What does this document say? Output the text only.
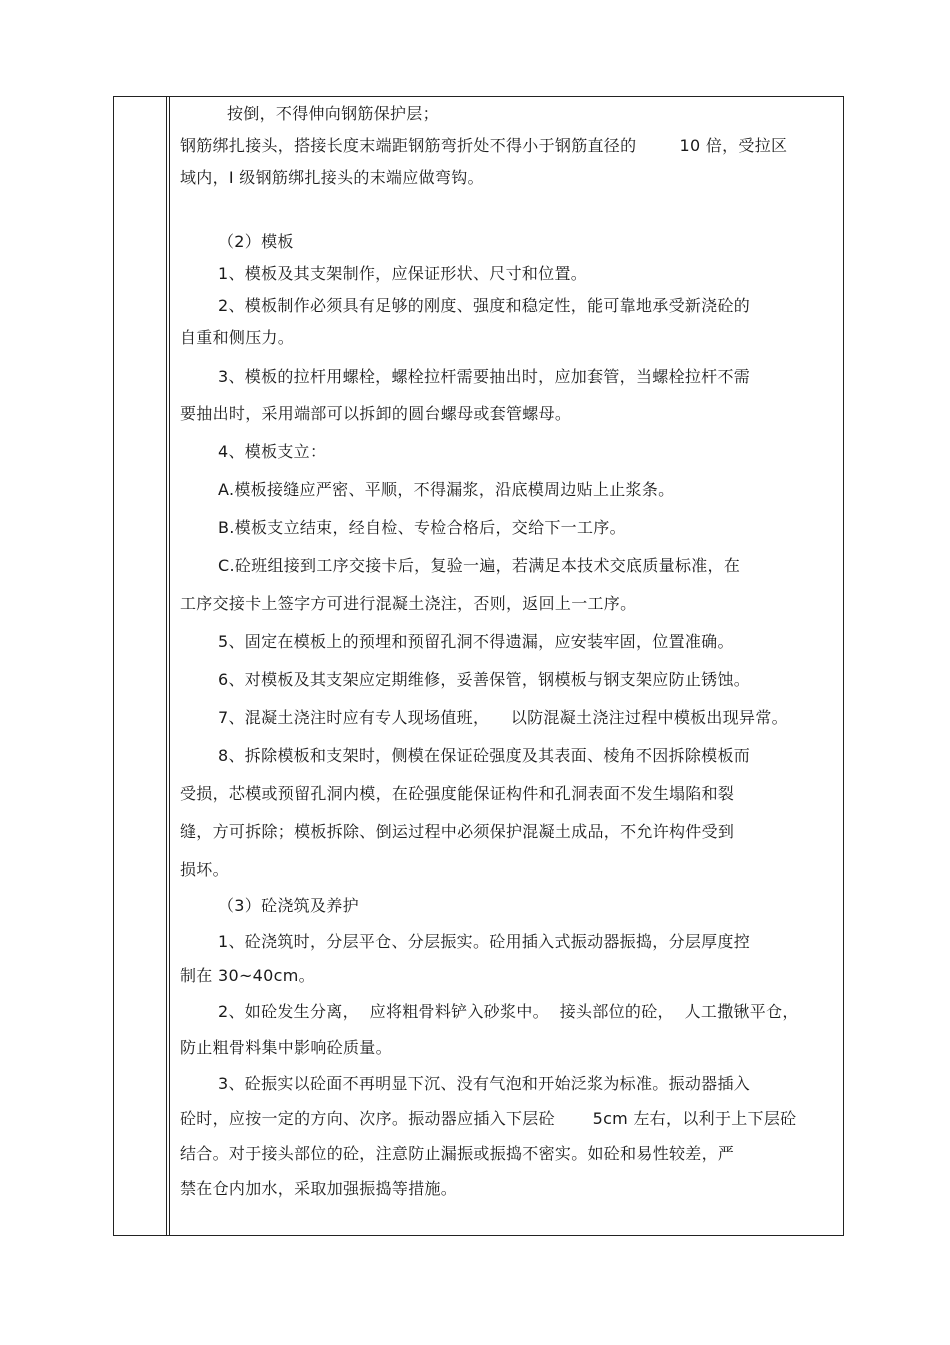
按倒，不得伸向钢筋保护层；
钢筋绑扎接头，搭接长度末端距钢筋弯折处不得小于钢筋直径的        10 倍，受拉区
域内，Ⅰ 级钢筋绑扎接头的末端应做弯钩。
（2）模板
1、模板及其支架制作，应保证形状、尺寸和位置。
2、模板制作必须具有足够的刚度、强度和稳定性，能可靠地承受新浇砼的
自重和侧压力。
3、模板的拉杆用螺栓，螺栓拉杆需要抽出时，应加套管，当螺栓拉杆不需
要抽出时，采用端部可以拆卸的圆台螺母或套管螺母。
4、模板支立：
A.模板接缝应严密、平顺，不得漏浆，沿底模周边贴上止浆条。
B.模板支立结束，经自检、专检合格后，交给下一工序。
C.砼班组接到工序交接卡后，复验一遍，若满足本技术交底质量标准，在
工序交接卡上签字方可进行混凝土浇注，否则，返回上一工序。
5、固定在模板上的预埋和预留孔洞不得遗漏，应安装牢固，位置准确。
6、对模板及其支架应定期维修，妥善保管，钢模板与钢支架应防止锈蚀。
7、混凝土浇注时应有专人现场值班，    以防混凝土浇注过程中模板出现异常。
8、拆除模板和支架时，侧模在保证砼强度及其表面、棱角不因拆除模板而
受损，芯模或预留孔洞内模，在砼强度能保证构件和孔洞表面不发生塌陷和裂
缝，方可拆除；模板拆除、倒运过程中必须保护混凝土成品，不允许构件受到
损坏。
（3）砼浇筑及养护
1、砼浇筑时，分层平仓、分层振实。砼用插入式振动器振捣，分层厚度控
制在 30~40cm。
2、如砼发生分离，  应将粗骨料铲入砂浆中。  接头部位的砼，  人工撒锹平仓，
防止粗骨料集中影响砼质量。
3、砼振实以砼面不再明显下沉、没有气泡和开始泛浆为标准。振动器插入
砼时，应按一定的方向、次序。振动器应插入下层砼       5cm 左右，以利于上下层砼
结合。对于接头部位的砼，注意防止漏振或振捣不密实。如砼和易性较差，严
禁在仓内加水，采取加强振捣等措施。
